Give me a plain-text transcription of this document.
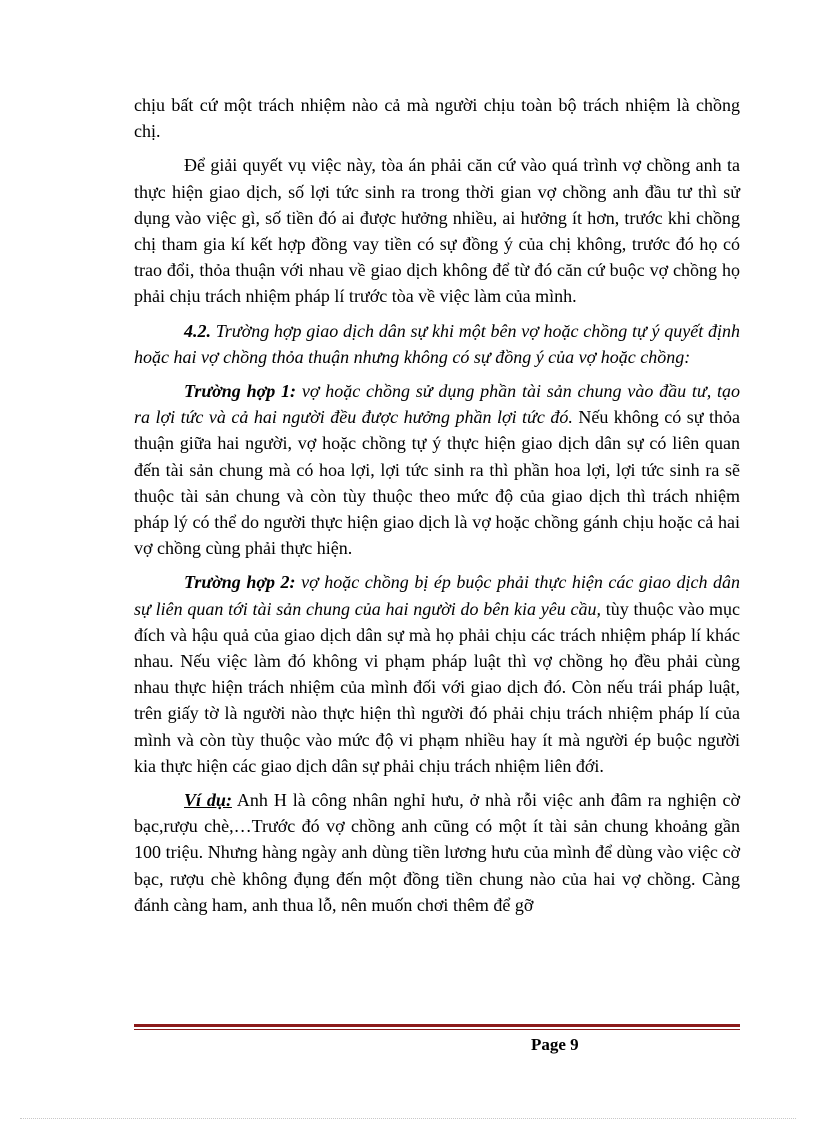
chịu bất cứ một trách nhiệm nào cả mà người chịu toàn bộ trách nhiệm là chồng chị.

Để giải quyết vụ việc này, tòa án phải căn cứ vào quá trình vợ chồng anh ta thực hiện giao dịch, số lợi tức sinh ra trong thời gian vợ chồng anh đầu tư thì sử dụng vào việc gì, số tiền đó ai được hưởng nhiều, ai hưởng ít hơn, trước khi chồng chị tham gia kí kết hợp đồng vay tiền có sự đồng ý của chị không, trước đó họ có trao đổi, thỏa thuận với nhau về giao dịch không để từ đó căn cứ buộc vợ chồng họ phải chịu trách nhiệm pháp lí trước tòa về việc làm của mình.

4.2. Trường hợp giao dịch dân sự khi một bên vợ hoặc chồng tự ý quyết định hoặc hai vợ chồng thỏa thuận nhưng không có sự đồng ý của vợ hoặc chồng:

Trường hợp 1: vợ hoặc chồng sử dụng phần tài sản chung vào đầu tư, tạo ra lợi tức và cả hai người đều được hưởng phần lợi tức đó. Nếu không có sự thỏa thuận giữa hai người, vợ hoặc chồng tự ý thực hiện giao dịch dân sự có liên quan đến tài sản chung mà có hoa lợi, lợi tức sinh ra thì phần hoa lợi, lợi tức sinh ra sẽ thuộc tài sản chung và còn tùy thuộc theo mức độ của giao dịch thì trách nhiệm pháp lý có thể do người thực hiện giao dịch là vợ hoặc chồng gánh chịu hoặc cả hai vợ chồng cùng phải thực hiện.

Trường hợp 2: vợ hoặc chồng bị ép buộc phải thực hiện các giao dịch dân sự liên quan tới tài sản chung của hai người do bên kia yêu cầu, tùy thuộc vào mục đích và hậu quả của giao dịch dân sự mà họ phải chịu các trách nhiệm pháp lí khác nhau. Nếu việc làm đó không vi phạm pháp luật thì vợ chồng họ đều phải cùng nhau thực hiện trách nhiệm của mình đối với giao dịch đó. Còn nếu trái pháp luật, trên giấy tờ là người nào thực hiện thì người đó phải chịu trách nhiệm pháp lí của mình và còn tùy thuộc vào mức độ vi phạm nhiều hay ít mà người ép buộc người kia thực hiện các giao dịch dân sự phải chịu trách nhiệm liên đới.

Ví dụ: Anh H là công nhân nghỉ hưu, ở nhà rỗi việc anh đâm ra nghiện cờ bạc,rượu chè,…Trước đó vợ chồng anh cũng có một ít tài sản chung khoảng gần 100 triệu. Nhưng hàng ngày anh dùng tiền lương hưu của mình để dùng vào việc cờ bạc, rượu chè không đụng đến một đồng tiền chung nào của hai vợ chồng. Càng đánh càng ham, anh thua lỗ, nên muốn chơi thêm để gỡ

Page 9
